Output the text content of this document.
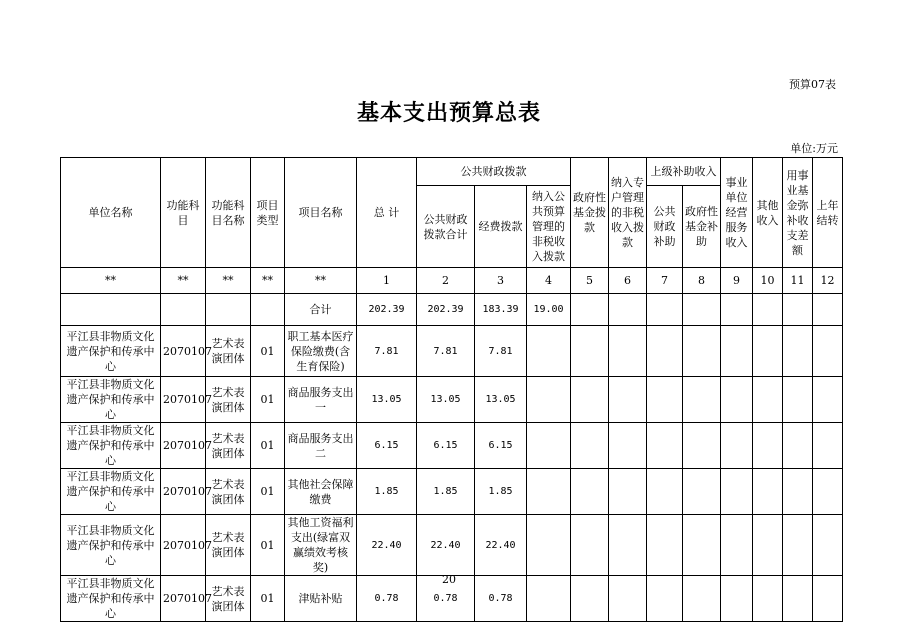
预算07表
基本支出预算总表
单位:万元
单位名称	功能科目	功能科目名称	项目类型	项目名称	总 计	公共财政拨款			政府性基金拨款	纳入专户管理的非税收入拨款	上级补助收入		事业单位经营服务收入	其他收入	用事业基金弥补收支差额	上年结转
						公共财政拨款合计	经费拨款	纳入公共预算管理的非税收入拨款			公共财政补助	政府性基金补助				
**	**	**	**	**	1	2	3	4	5	6	7	8	9	10	11	12
				合计	202.39	202.39	183.39	19.00								
平江县非物质文化遗产保护和传承中心	2070107	艺术表演团体	01	职工基本医疗保险缴费(含生育保险)	7.81	7.81	7.81									
平江县非物质文化遗产保护和传承中心	2070107	艺术表演团体	01	商品服务支出一	13.05	13.05	13.05									
平江县非物质文化遗产保护和传承中心	2070107	艺术表演团体	01	商品服务支出二	6.15	6.15	6.15									
平江县非物质文化遗产保护和传承中心	2070107	艺术表演团体	01	其他社会保障缴费	1.85	1.85	1.85									
平江县非物质文化遗产保护和传承中心	2070107	艺术表演团体	01	其他工资福利支出(绿富双赢绩效考核奖)	22.40	22.40	22.40									
平江县非物质文化遗产保护和传承中心	2070107	艺术表演团体	01	津贴补贴	0.78	0.78	0.78									
20
